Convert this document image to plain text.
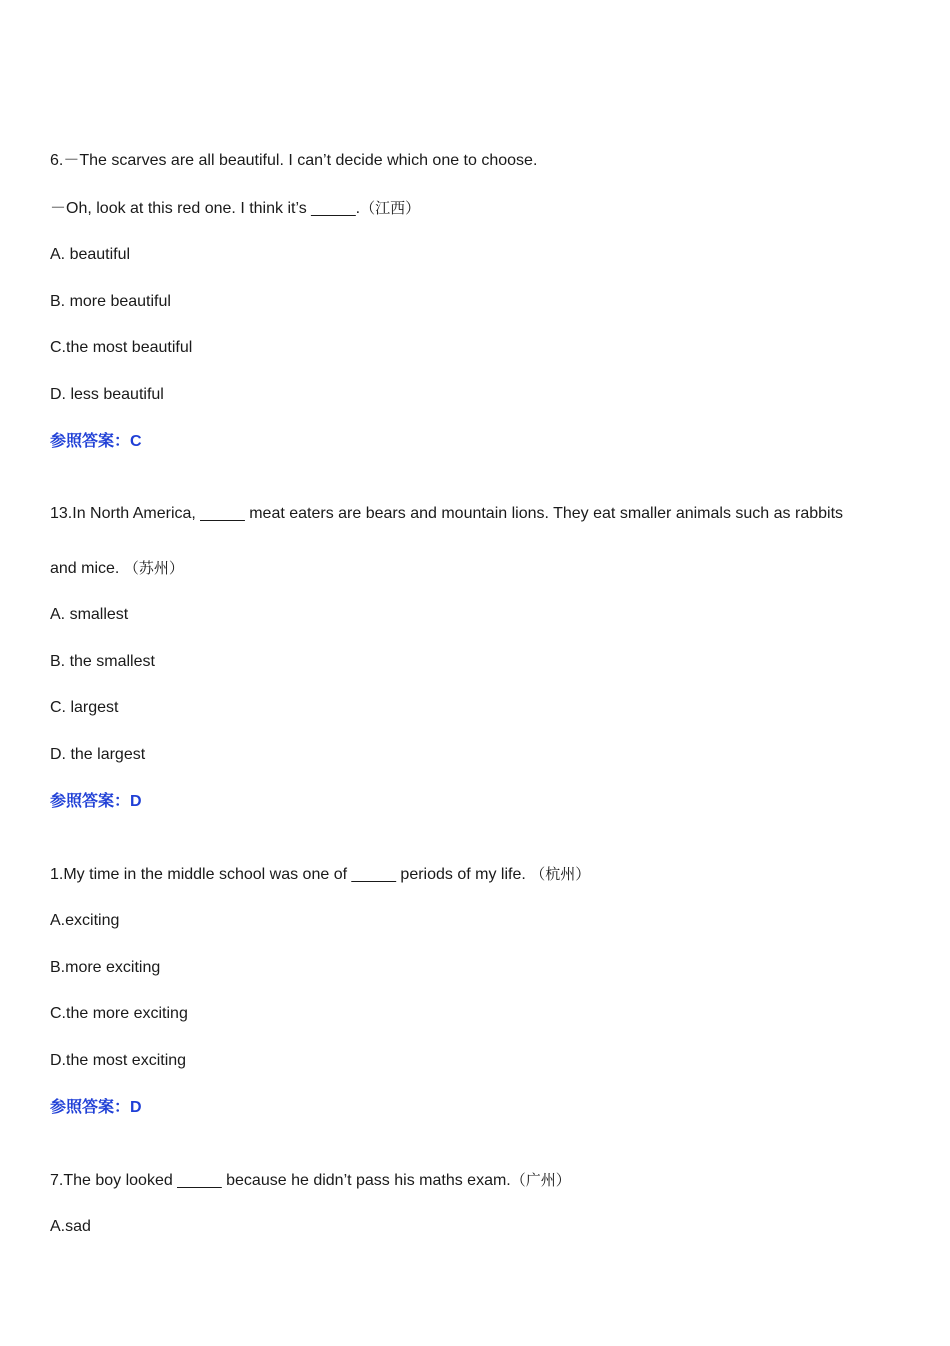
6.－The scarves are all beautiful. I can’t decide which one to choose.
－Oh, look at this red one. I think it’s _____.（江西）
A. beautiful
B. more beautiful
C.the most beautiful
D. less beautiful
参照答案：C
13.In North America, _____ meat eaters are bears and mountain lions. They eat smaller animals such as rabbits
and mice. （苏州）
A. smallest
B. the smallest
C. largest
D. the largest
参照答案：D
1.My time in the middle school was one of _____ periods of my life. （杭州）
A.exciting
B.more exciting
C.the more exciting
D.the most exciting
参照答案：D
7.The boy looked _____ because he didn’t pass his maths exam.（广州）
A.sad
